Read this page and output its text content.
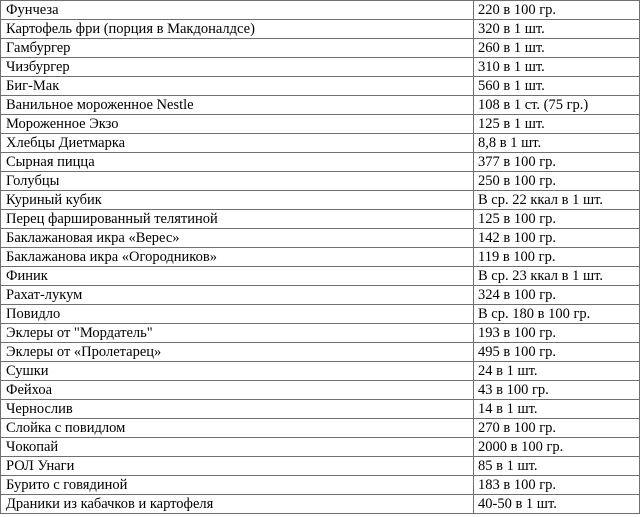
Фунчеза	220 в 100 гр.
Картофель фри (порция в Макдоналдсе)	320 в 1 шт.
Гамбургер	260 в 1 шт.
Чизбургер	310 в 1 шт.
Биг-Мак	560 в 1 шт.
Ванильное мороженное Nestle	108 в 1 ст. (75 гр.)
Мороженное Экзо	125 в 1 шт.
Хлебцы Диетмарка	8,8 в 1 шт.
Сырная пицца	377 в 100 гр.
Голубцы	250 в 100 гр.
Куриный кубик	В ср. 22 ккал в 1 шт.
Перец фаршированный телятиной	125 в 100 гр.
Баклажановая икра «Верес»	142 в 100 гр.
Баклажанова икра «Огородников»	119 в 100 гр.
Финик	В ср. 23 ккал в 1 шт.
Рахат-лукум	324 в 100 гр.
Повидло	В ср. 180 в 100 гр.
Эклеры от "Мордатель"	193 в 100 гр.
Эклеры от «Пролетарец»	495 в 100 гр.
Сушки	24 в 1 шт.
Фейхоа	43 в 100 гр.
Чернослив	14 в 1 шт.
Слойка с повидлом	270 в 100 гр.
Чокопай	2000 в 100 гр.
РОЛ Унаги	85 в 1 шт.
Бурито с говядиной	183 в 100 гр.
Драники из кабачков и картофеля	40-50 в 1 шт.
